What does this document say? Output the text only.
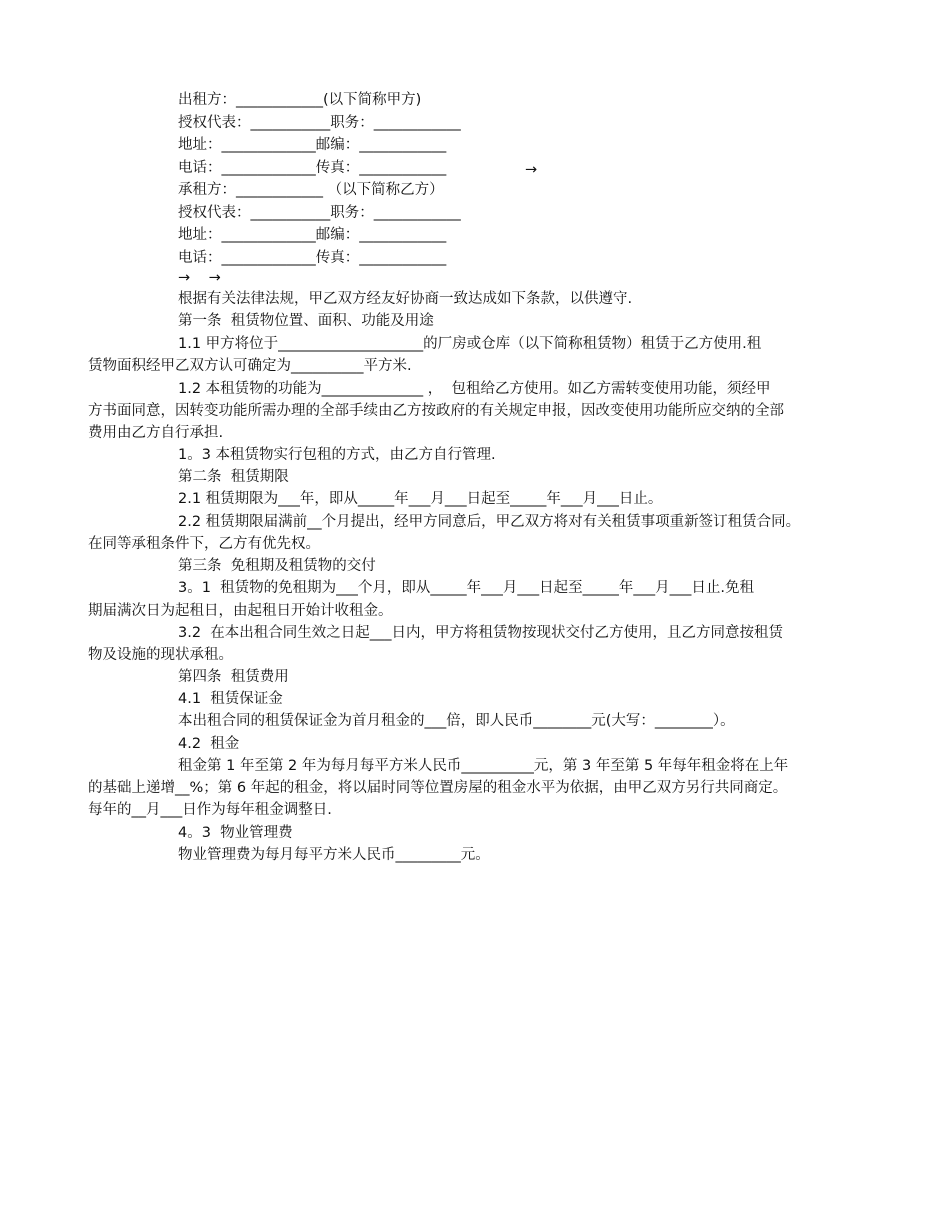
出租方：____________(以下简称甲方)
授权代表：___________职务：____________
地址：_____________邮编：____________
电话：_____________传真：____________	→
承租方：____________ （以下简称乙方）
授权代表：___________职务：____________
地址：_____________邮编：____________
电话：_____________传真：____________
→    →
根据有关法律法规，甲乙双方经友好协商一致达成如下条款，以供遵守.
第一条  租赁物位置、面积、功能及用途
1.1 甲方将位于____________________的厂房或仓库（以下简称租赁物）租赁于乙方使用.租
赁物面积经甲乙双方认可确定为__________平方米.
1.2 本租赁物的功能为______________ ，  包租给乙方使用。如乙方需转变使用功能，须经甲
方书面同意，因转变功能所需办理的全部手续由乙方按政府的有关规定申报，因改变使用功能所应交纳的全部
费用由乙方自行承担.
1。3 本租赁物实行包租的方式，由乙方自行管理.
第二条  租赁期限
2.1 租赁期限为___年，即从_____年___月___日起至_____年___月___日止。
2.2 租赁期限届满前__个月提出，经甲方同意后，甲乙双方将对有关租赁事项重新签订租赁合同。
在同等承租条件下，乙方有优先权。
第三条  免租期及租赁物的交付
3。1  租赁物的免租期为___个月，即从_____年___月___日起至_____年___月___日止.免租
期届满次日为起租日，由起租日开始计收租金。
3.2  在本出租合同生效之日起___日内，甲方将租赁物按现状交付乙方使用，且乙方同意按租赁
物及设施的现状承租。
第四条  租赁费用
4.1  租赁保证金
本出租合同的租赁保证金为首月租金的___倍，即人民币________元(大写：________）。
4.2  租金
租金第 1 年至第 2 年为每月每平方米人民币__________元，第 3 年至第 5 年每年租金将在上年
的基础上递增__%；第 6 年起的租金，将以届时同等位置房屋的租金水平为依据，由甲乙双方另行共同商定。
每年的__月___日作为每年租金调整日.
4。3  物业管理费
物业管理费为每月每平方米人民币_________元。
